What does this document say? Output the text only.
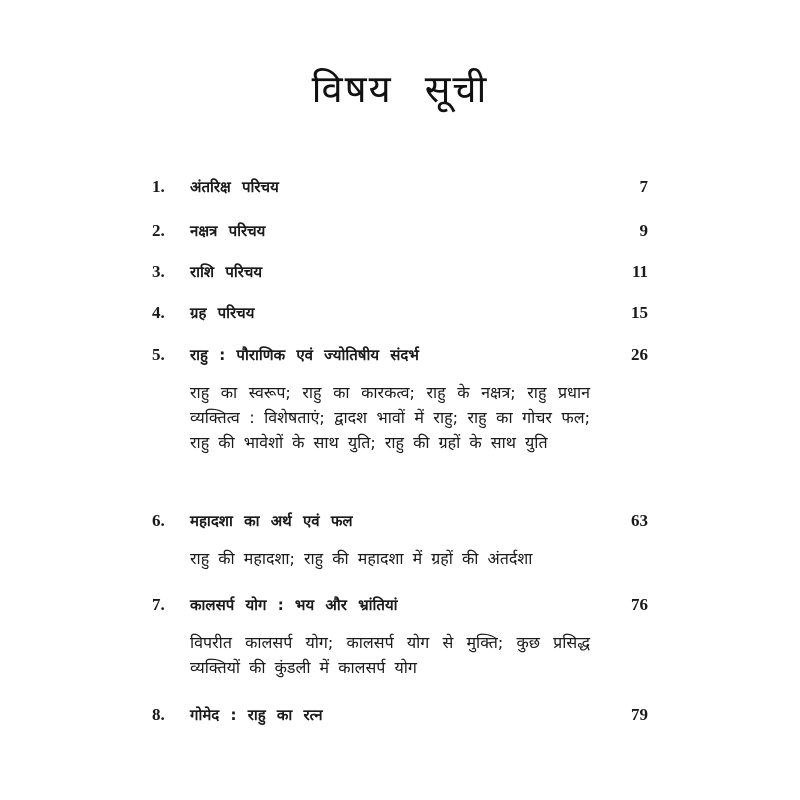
विषय सूची
1. अंतरिक्ष परिचय	7
2. नक्षत्र परिचय	9
3. राशि परिचय	11
4. ग्रह परिचय	15
5. राहु : पौराणिक एवं ज्योतिषीय संदर्भ	26
राहु का स्वरूप; राहु का कारकत्व; राहु के नक्षत्र; राहु प्रधान व्यक्तित्व : विशेषताएं; द्वादश भावों में राहु; राहु का गोचर फल; राहु की भावेशों के साथ युति; राहु की ग्रहों के साथ युति
6. महादशा का अर्थ एवं फल	63
राहु की महादशा; राहु की महादशा में ग्रहों की अंतर्दशा
7. कालसर्प योग : भय और भ्रांतियां	76
विपरीत कालसर्प योग; कालसर्प योग से मुक्ति; कुछ प्रसिद्ध व्यक्तियों की कुंडली में कालसर्प योग
8. गोमेद : राहु का रत्न	79
